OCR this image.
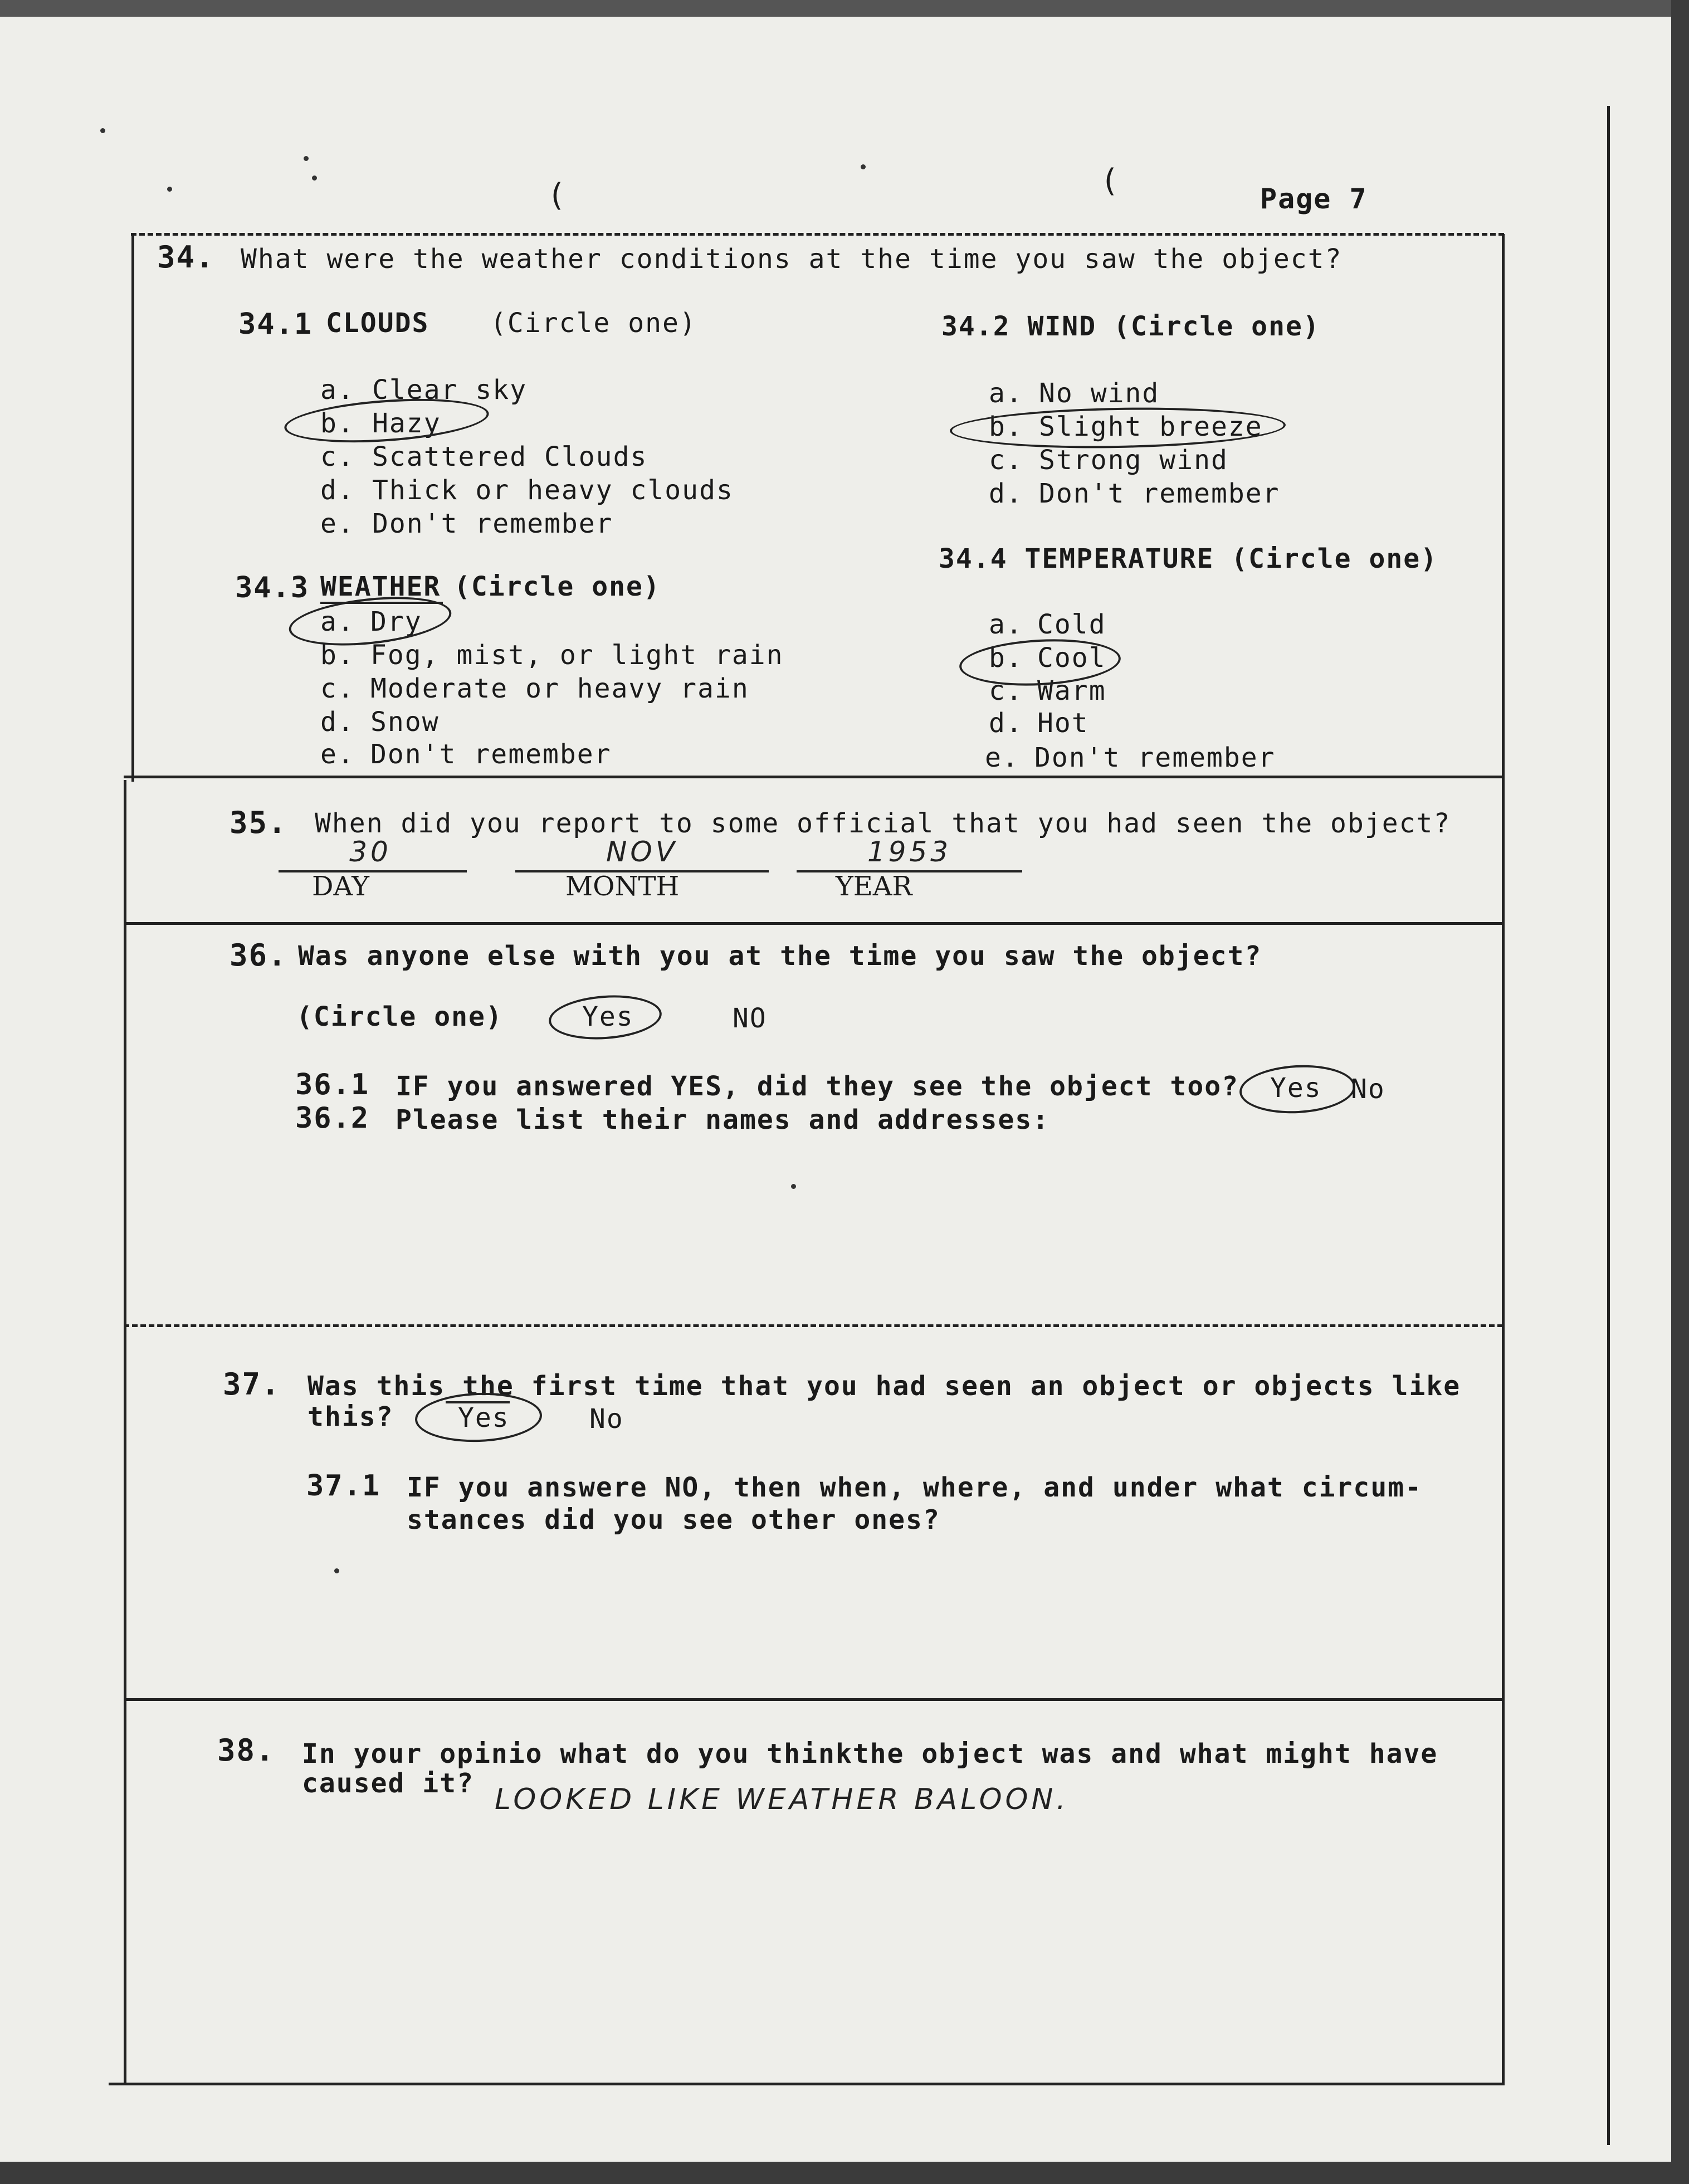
(	(	Page 7
34. What were the weather conditions at the time you saw the object?
34.1 CLOUDS (Circle one)
a. Clear sky
b. Hazy
c. Scattered Clouds
d. Thick or heavy clouds
e. Don't remember
34.2 WIND (Circle one)
a. No wind
b. Slight breeze
c. Strong wind
d. Don't remember
34.3 WEATHER (Circle one)
a. Dry
b. Fog, mist, or light rain
c. Moderate or heavy rain
d. Snow
e. Don't remember
34.4 TEMPERATURE (Circle one)
a. Cold
b. Cool
c. Warm
d. Hot
e. Don't remember
35. When did you report to some official that you had seen the object?
30
DAY
NOV
MONTH
1953
YEAR
36. Was anyone else with you at the time you saw the object?
(Circle one)	Yes	NO
36.1 IF you answered YES, did they see the object too? Yes No
36.2 Please list their names and addresses:
37. Was this the first time that you had seen an object or objects like
this? Yes	No
37.1 IF you answere NO, then when, where, and under what circum-
stances did you see other ones?
38. In your opinio what do you thinkthe object was and what might have
caused it? LOOKED LIKE WEATHER BALOON.
